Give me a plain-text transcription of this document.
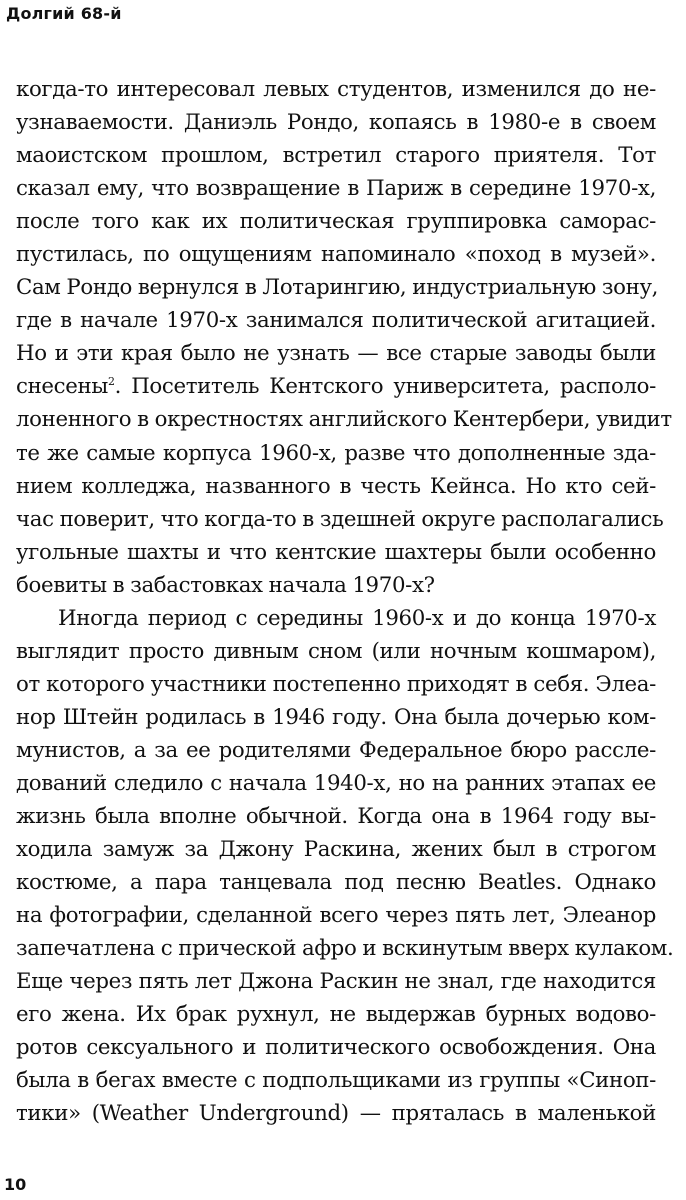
Долгий 68-й
когда-то интересовал левых студентов, изменился до не-
узнаваемости. Даниэль Рондо, копаясь в 1980-е в своем
маоистском прошлом, встретил старого приятеля. Тот
сказал ему, что возвращение в Париж в середине 1970-х,
после того как их политическая группировка саморас-
пустилась, по ощущениям напоминало «поход в музей».
Сам Рондо вернулся в Лотарингию, индустриальную зону,
где в начале 1970-х занимался политической агитацией.
Но и эти края было не узнать — все старые заводы были
снесены$^2$. Посетитель Кентского университета, располо-
лоненного в окрестностях английского Кентербери, увидит
те же самые корпуса 1960-х, разве что дополненные зда-
нием колледжа, названного в честь Кейнса. Но кто сей-
час поверит, что когда-то в здешней округе располагались
угольные шахты и что кентские шахтеры были особенно
боевиты в забастовках начала 1970-х?
Иногда период с середины 1960-х и до конца 1970-х
выглядит просто дивным сном (или ночным кошмаром),
от которого участники постепенно приходят в себя. Элеа-
нор Штейн родилась в 1946 году. Она была дочерью ком-
мунистов, а за ее родителями Федеральное бюро рассле-
дований следило с начала 1940-х, но на ранних этапах ее
жизнь была вполне обычной. Когда она в 1964 году вы-
ходила замуж за Джону Раскина, жених был в строгом
костюме, а пара танцевала под песню Beatles. Однако
на фотографии, сделанной всего через пять лет, Элеанор
запечатлена с прической афро и вскинутым вверх кулаком.
Еще через пять лет Джона Раскин не знал, где находится
его жена. Их брак рухнул, не выдержав бурных водово-
ротов сексуального и политического освобождения. Она
была в бегах вместе с подпольщиками из группы «Синоп-
тики» (Weather Underground) — пряталась в маленькой
10
